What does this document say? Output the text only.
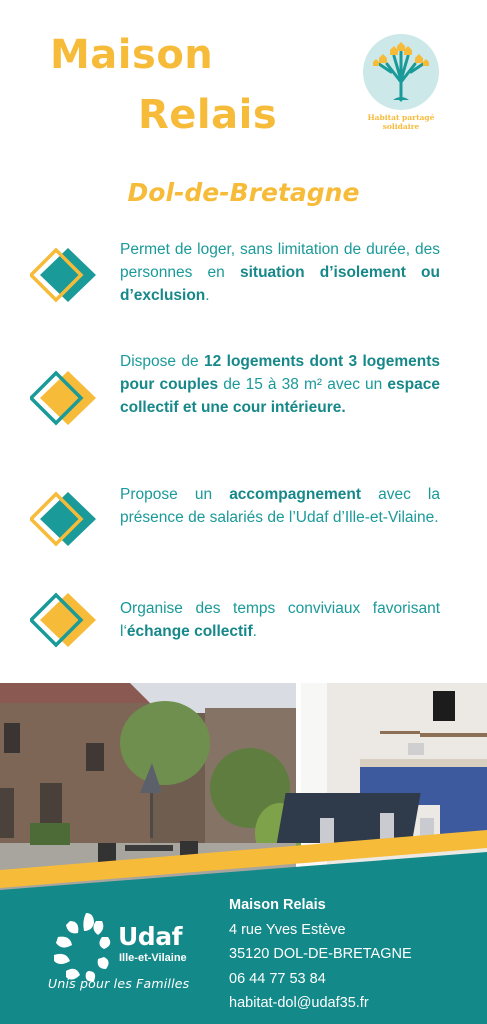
Maison
Relais	Habitat partagé
solidaire
Dol-de-Bretagne
Permet de loger, sans limitation de durée, des personnes en situation d’isolement ou d’exclusion.
Dispose de 12 logements dont 3 logements pour couples de 15 à 38 m² avec un espace collectif et une cour intérieure.
Propose un accompagnement avec la présence de salariés de l’Udaf d’Ille-et-Vilaine.
Organise des temps conviviaux favorisant l‘échange collectif.
Udaf
Ille-et-Vilaine
Unis pour les Familles
Maison Relais
4 rue Yves Estève
35120 DOL-DE-BRETAGNE
06 44 77 53 84
habitat-dol@udaf35.fr
